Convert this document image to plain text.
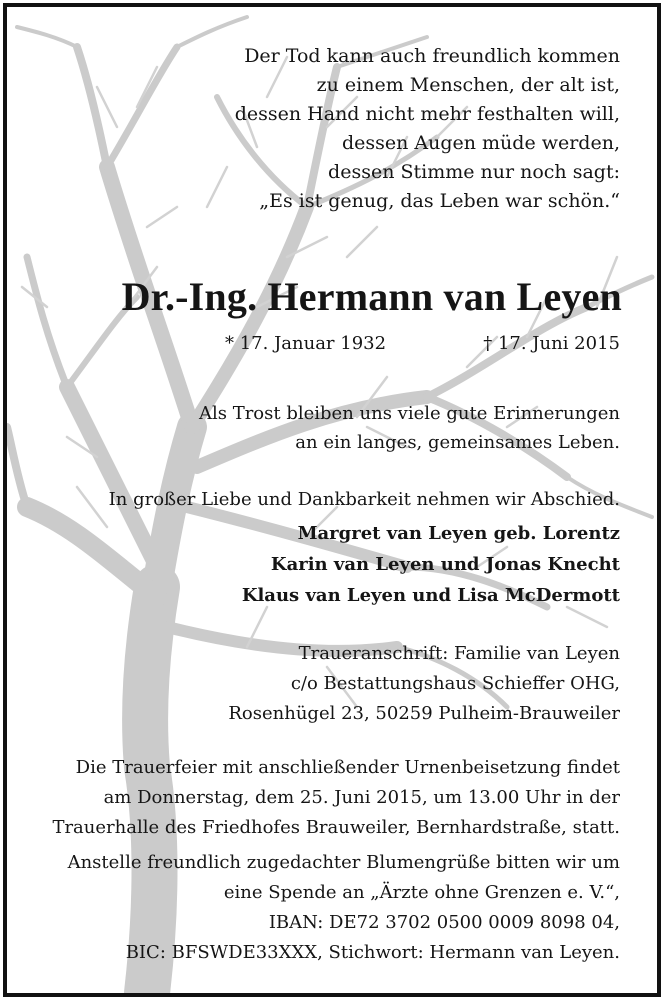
Der Tod kann auch freundlich kommen
zu einem Menschen, der alt ist,
dessen Hand nicht mehr festhalten will,
dessen Augen müde werden,
dessen Stimme nur noch sagt:
„Es ist genug, das Leben war schön.“
Dr.-Ing. Hermann van Leyen
* 17. Januar 1932	† 17. Juni 2015
Als Trost bleiben uns viele gute Erinnerungen
an ein langes, gemeinsames Leben.
In großer Liebe und Dankbarkeit nehmen wir Abschied.
Margret van Leyen geb. Lorentz
Karin van Leyen und Jonas Knecht
Klaus van Leyen und Lisa McDermott
Traueranschrift: Familie van Leyen
c/o Bestattungshaus Schieffer OHG,
Rosenhügel 23, 50259 Pulheim-Brauweiler
Die Trauerfeier mit anschließender Urnenbeisetzung findet
am Donnerstag, dem 25. Juni 2015, um 13.00 Uhr in der
Trauerhalle des Friedhofes Brauweiler, Bernhardstraße, statt.
Anstelle freundlich zugedachter Blumengrüße bitten wir um
eine Spende an „Ärzte ohne Grenzen e. V.“,
IBAN: DE72 3702 0500 0009 8098 04,
BIC: BFSWDE33XXX, Stichwort: Hermann van Leyen.
